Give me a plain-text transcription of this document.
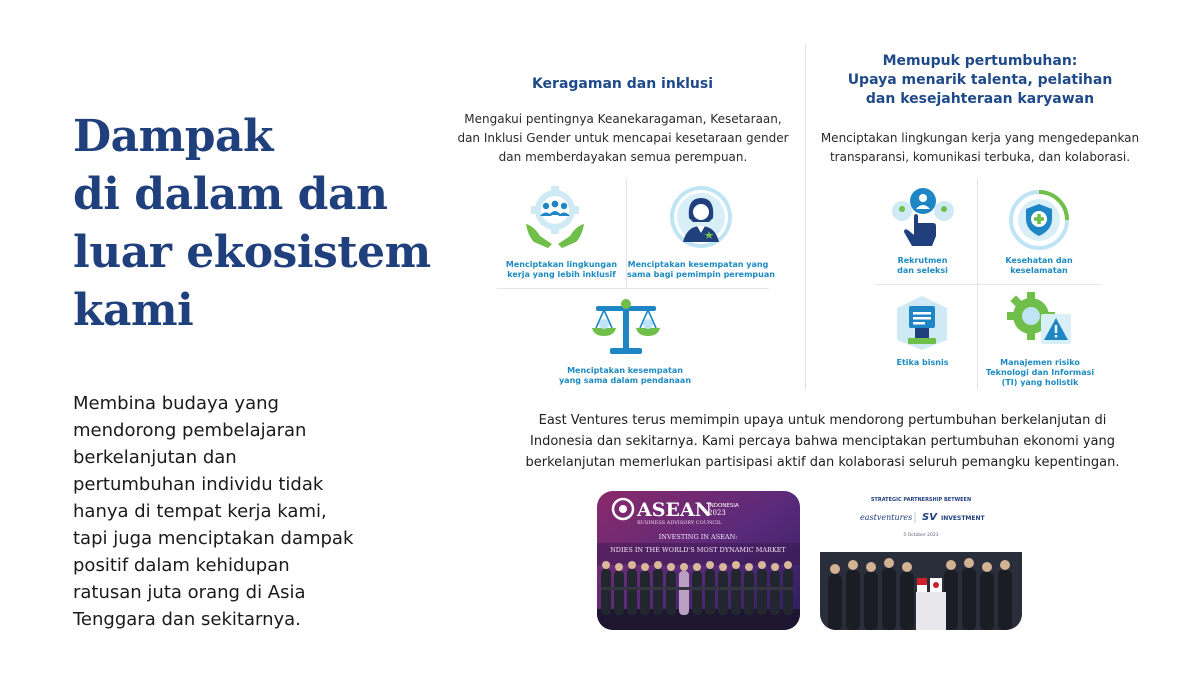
Dampak
di dalam dan
luar ekosistem
kami
Membina budaya yang
mendorong pembelajaran
berkelanjutan dan
pertumbuhan individu tidak
hanya di tempat kerja kami,
tapi juga menciptakan dampak
positif dalam kehidupan
ratusan juta orang di Asia
Tenggara dan sekitarnya.
Keragaman dan inklusi
Mengakui pentingnya Keanekaragaman, Kesetaraan,
dan Inklusi Gender untuk mencapai kesetaraan gender
dan memberdayakan semua perempuan.
Menciptakan lingkungan
kerja yang lebih inklusif
Menciptakan kesempatan yang
sama bagi pemimpin perempuan
Menciptakan kesempatan
yang sama dalam pendanaan
Memupuk pertumbuhan:
Upaya menarik talenta, pelatihan
dan kesejahteraan karyawan
Menciptakan lingkungan kerja yang mengedepankan
transparansi, komunikasi terbuka, dan kolaborasi.
Rekrutmen
dan seleksi
Kesehatan dan
keselamatan
Etika bisnis	Manajemen risiko
Teknologi dan Informasi
(TI) yang holistik
East Ventures terus memimpin upaya untuk mendorong pertumbuhan berkelanjutan di
Indonesia dan sekitarnya. Kami percaya bahwa menciptakan pertumbuhan ekonomi yang
berkelanjutan memerlukan partisipasi aktif dan kolaborasi seluruh pemangku kepentingan.
ASEAN
INDONESIA
2023
BUSINESS ADVISORY COUNCIL
INVESTING IN ASEAN:
NDIES IN THE WORLD'S MOST DYNAMIC MARKET
STRATEGIC PARTNERSHIP BETWEEN
eastventures SV INVESTMENT
5 October 2023
